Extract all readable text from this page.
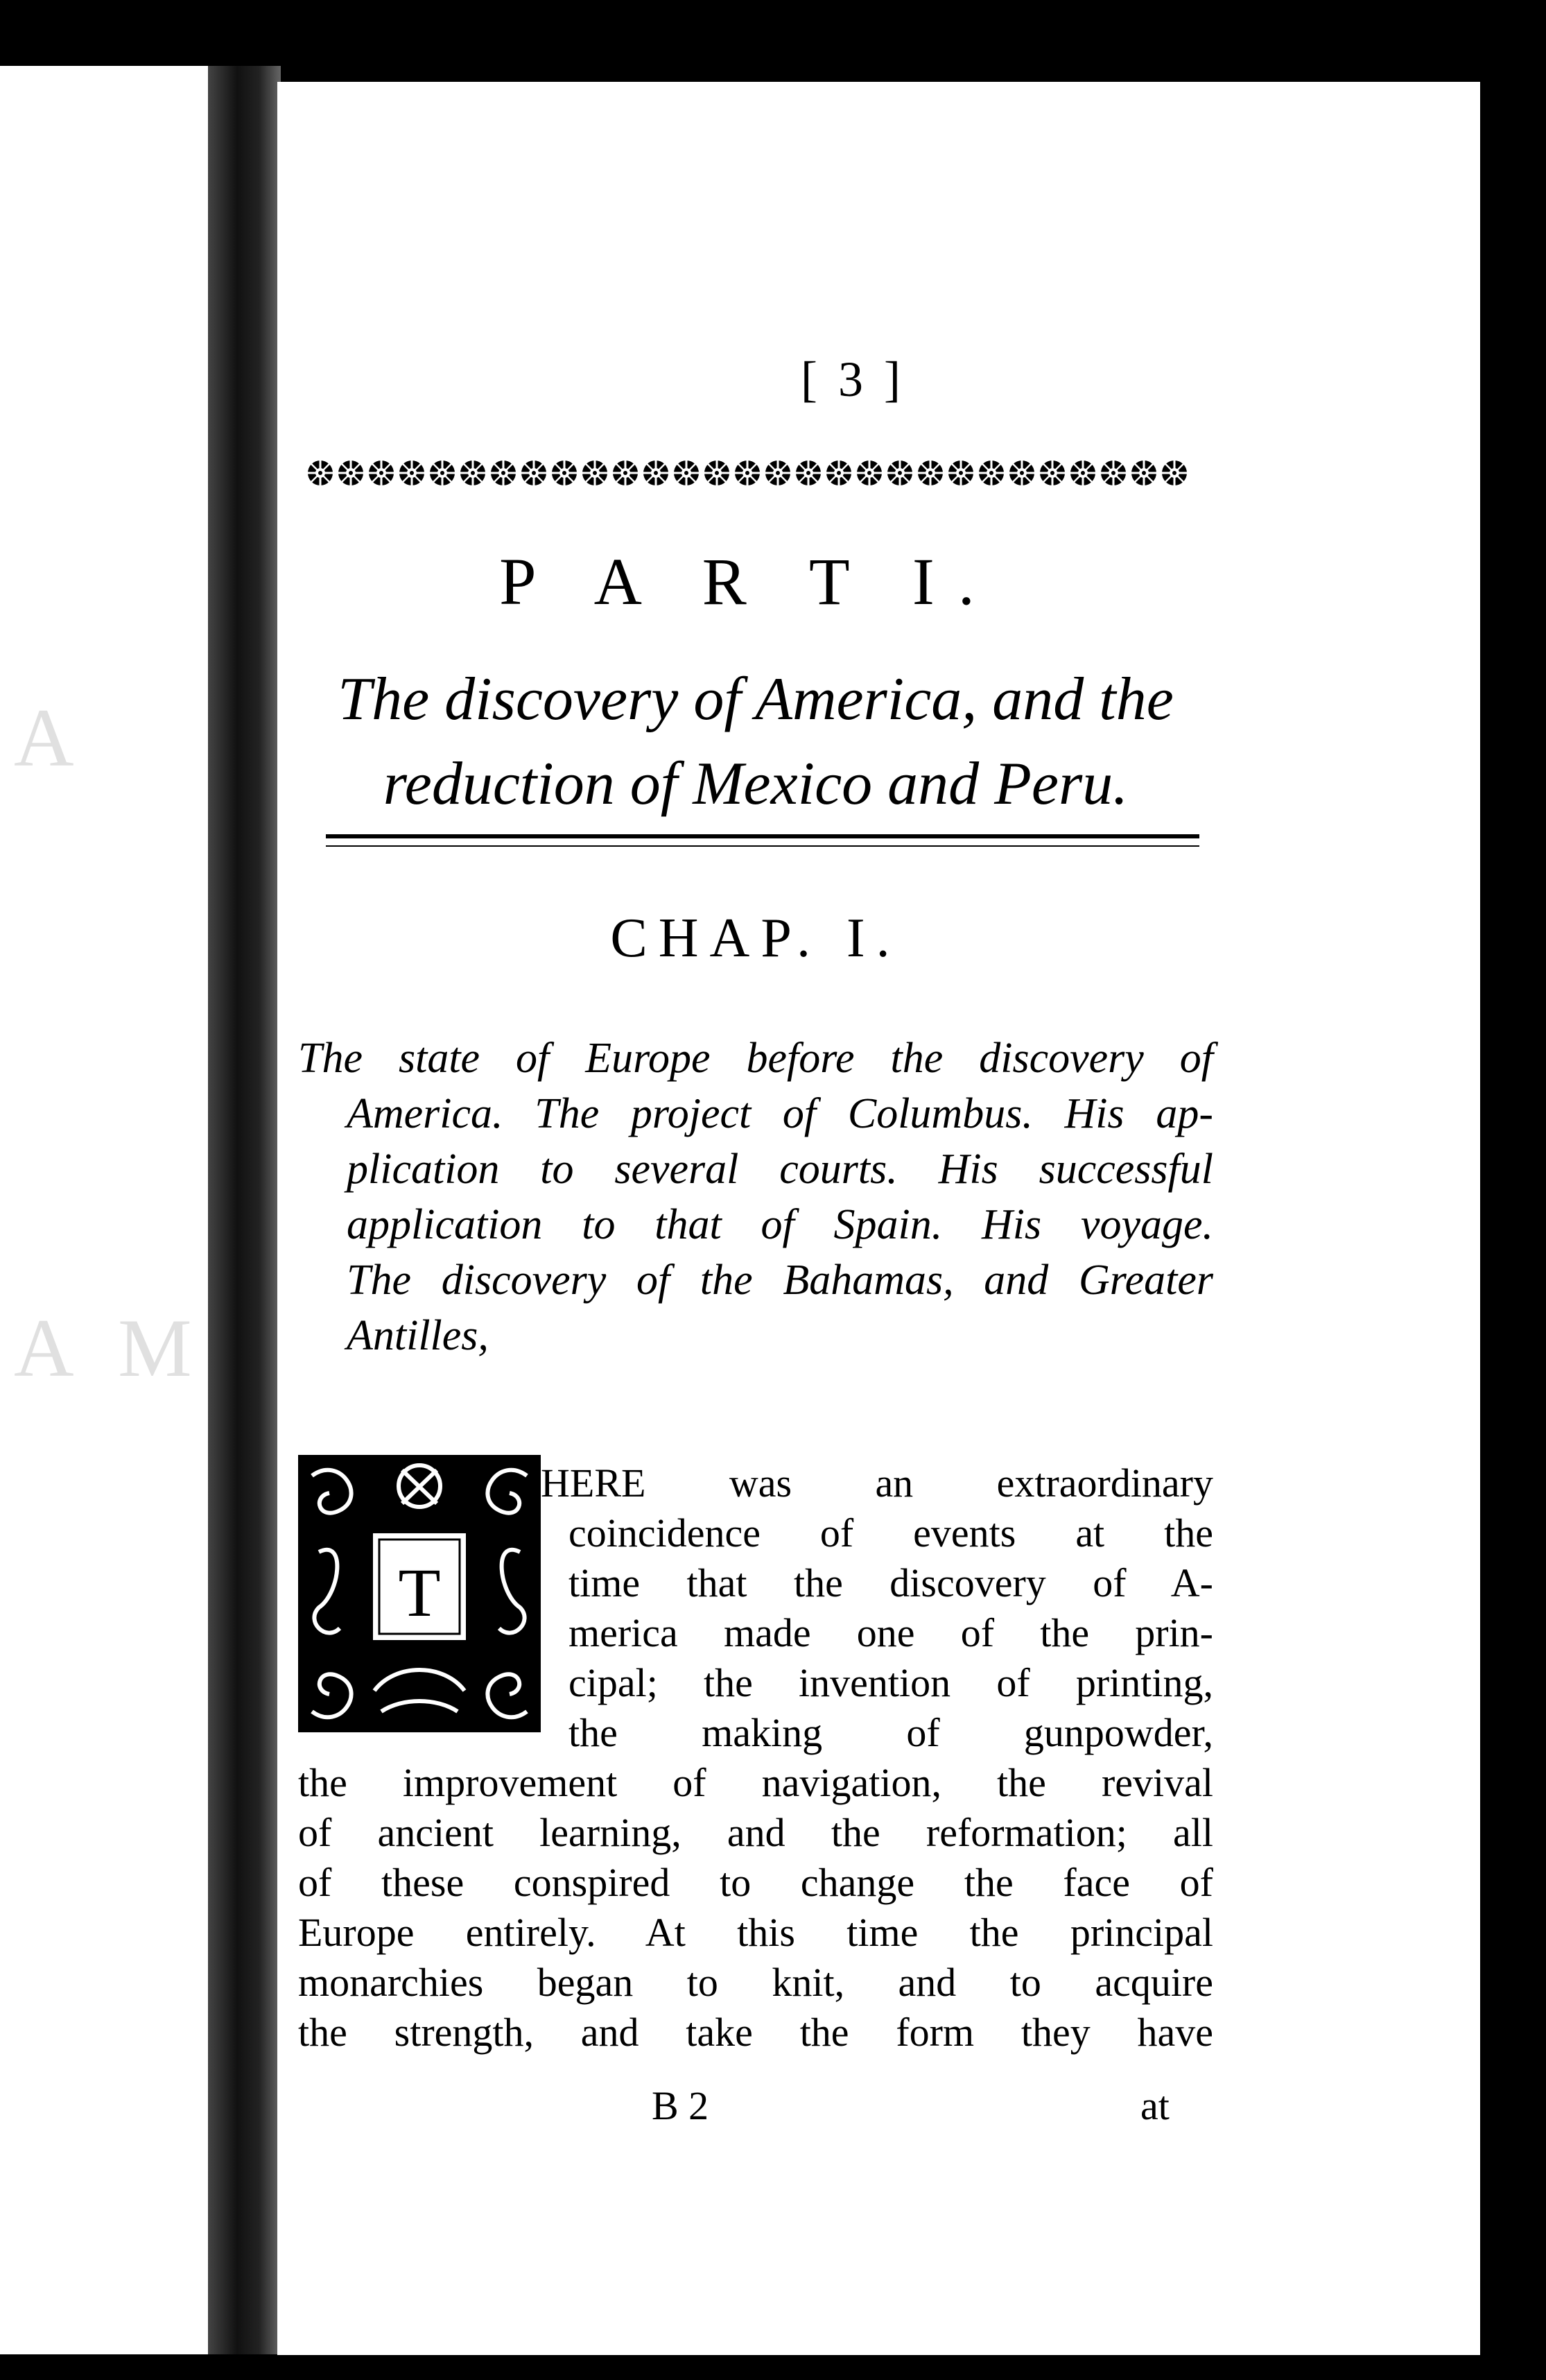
A
A M
[ 3 ]
P A R T I.
The discovery of America, and the
reduction of Mexico and Peru.
CHAP. I.
The state of Europe before the discovery of
America. The project of Columbus. His ap-
plication to several courts. His successful
application to that of Spain. His voyage.
The discovery of the Bahamas, and Greater
Antilles,
T
HERE was an extraordinary
coincidence of events at the
time that the discovery of A-
merica made one of the prin-
cipal; the invention of printing,
the making of gunpowder,
the improvement of navigation, the revival
of ancient learning, and the reformation; all
of these conspired to change the face of
Europe entirely. At this time the principal
monarchies began to knit, and to acquire
the strength, and take the form they have
B 2	at
